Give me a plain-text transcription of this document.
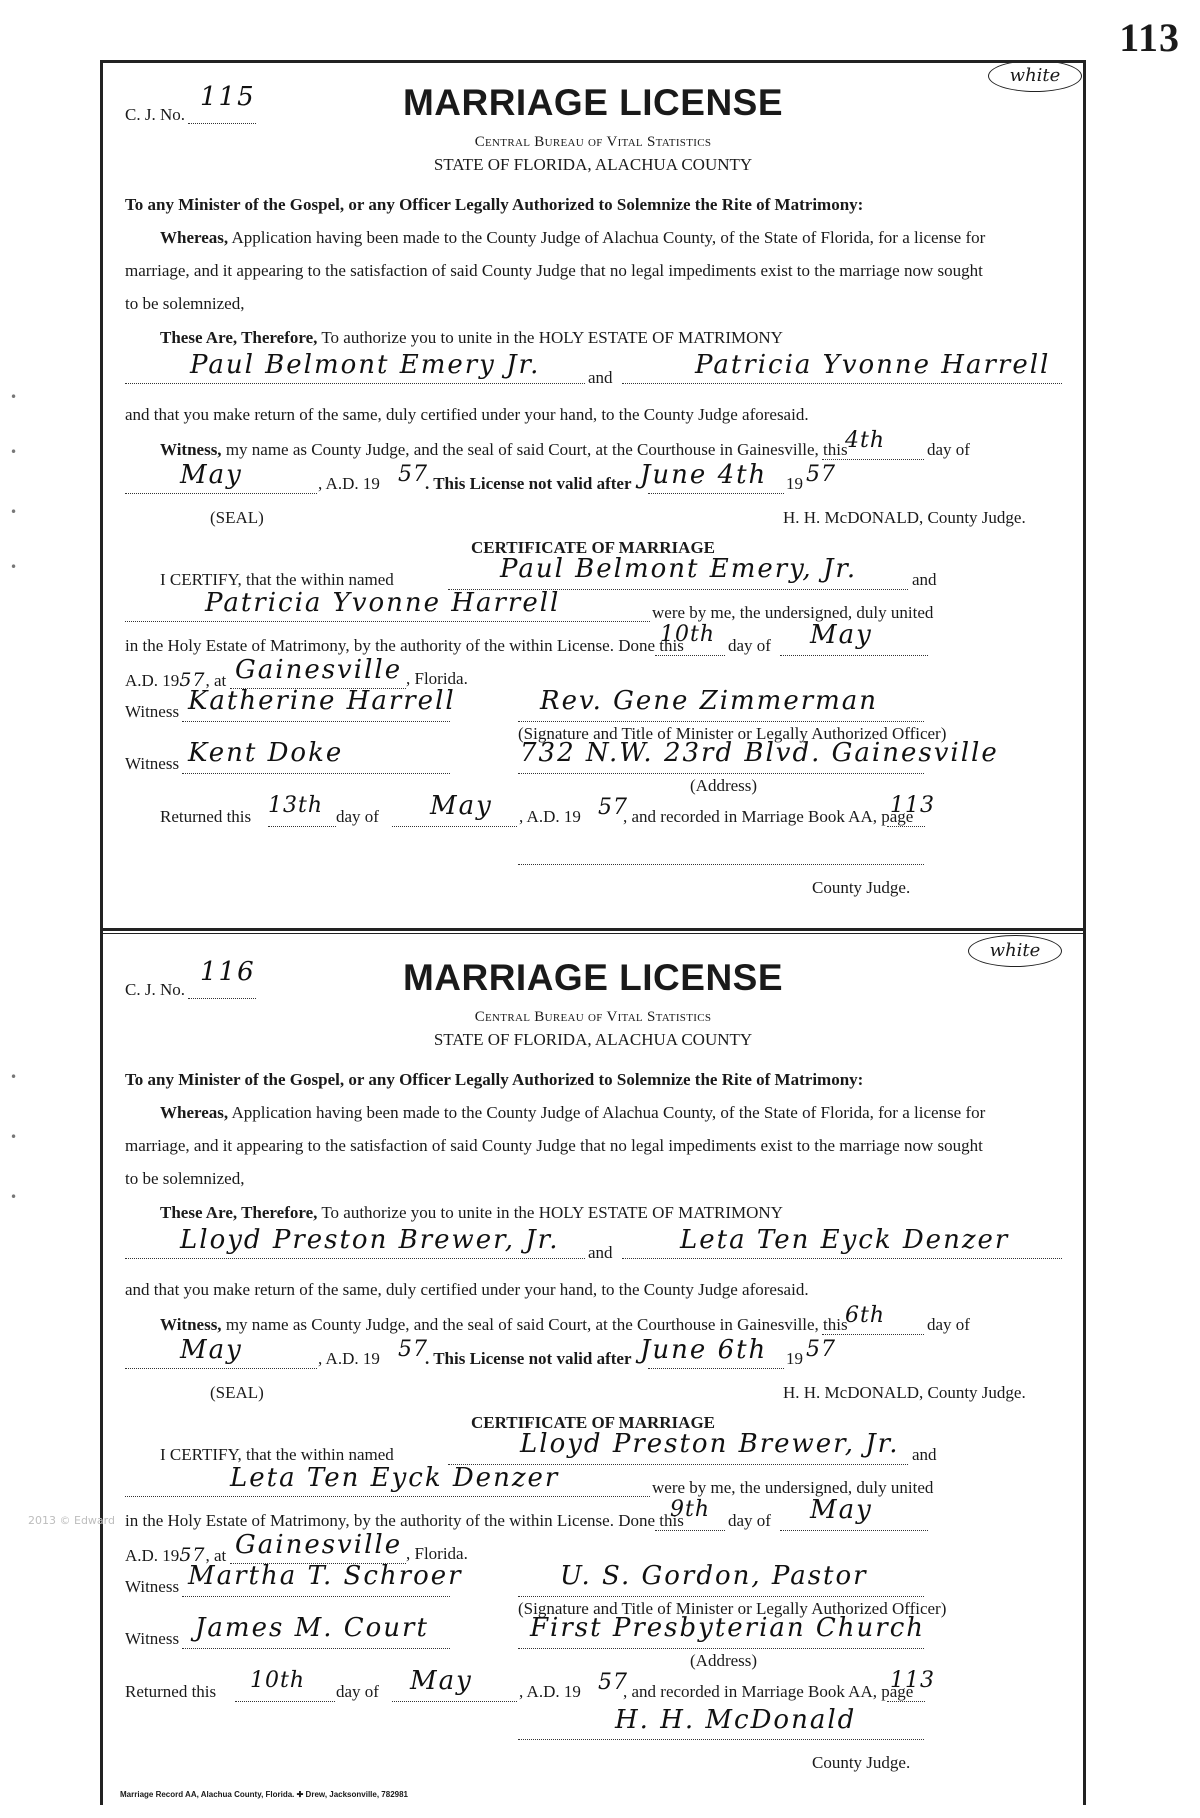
113
•
•
•
•
•
•
•
C. J. No.
115
white
MARRIAGE LICENSE
Central Bureau of Vital Statistics
STATE OF FLORIDA, ALACHUA COUNTY
To any Minister of the Gospel, or any Officer Legally Authorized to Solemnize the Rite of Matrimony:
Whereas, Application having been made to the County Judge of Alachua County, of the State of Florida, for a license for
marriage, and it appearing to the satisfaction of said County Judge that no legal impediments exist to the marriage now sought
to be solemnized,
These Are, Therefore, To authorize you to unite in the HOLY ESTATE OF MATRIMONY
Paul Belmont Emery Jr.	and	Patricia Yvonne Harrell
and that you make return of the same, duly certified under your hand, to the County Judge aforesaid.
Witness, my name as County Judge, and the seal of said Court, at the Courthouse in Gainesville, this
4th day of
May	, A.D. 19 57
. This License not valid after June 4th 19 57
(SEAL)	H. H. McDONALD, County Judge.
CERTIFICATE OF MARRIAGE
I CERTIFY, that the within named	Paul Belmont Emery, Jr.	and
Patricia Yvonne Harrell	were by me, the undersigned, duly united
in the Holy Estate of Matrimony, by the authority of the within License. Done this
10th day of May
A.D. 1957, at Gainesville , Florida.
Witness Katherine Harrell	Rev. Gene Zimmerman
(Signature and Title of Minister or Legally Authorized Officer)
Witness Kent Doke	732 N.W. 23rd Blvd. Gainesville
(Address)
Returned this 13th day of May , A.D. 19 57
, and recorded in Marriage Book AA, page
113
County Judge.
C. J. No.
116
white
MARRIAGE LICENSE
Central Bureau of Vital Statistics
STATE OF FLORIDA, ALACHUA COUNTY
To any Minister of the Gospel, or any Officer Legally Authorized to Solemnize the Rite of Matrimony:
Whereas, Application having been made to the County Judge of Alachua County, of the State of Florida, for a license for
marriage, and it appearing to the satisfaction of said County Judge that no legal impediments exist to the marriage now sought
to be solemnized,
These Are, Therefore, To authorize you to unite in the HOLY ESTATE OF MATRIMONY
Lloyd Preston Brewer, Jr. and	Leta Ten Eyck Denzer
and that you make return of the same, duly certified under your hand, to the County Judge aforesaid.
Witness, my name as County Judge, and the seal of said Court, at the Courthouse in Gainesville, this
6th day of
May	, A.D. 19 57
. This License not valid after June 6th 19 57
(SEAL)	H. H. McDONALD, County Judge.
CERTIFICATE OF MARRIAGE
I CERTIFY, that the within named	Lloyd Preston Brewer, Jr. and
Leta Ten Eyck Denzer	were by me, the undersigned, duly united
in the Holy Estate of Matrimony, by the authority of the within License. Done this
9th day of May
A.D. 1957, at Gainesville , Florida.
Witness Martha T. Schroer	U. S. Gordon, Pastor
(Signature and Title of Minister or Legally Authorized Officer)
Witness James M. Court	First Presbyterian Church
(Address)
Returned this 10th day of May	, A.D. 19 57
, and recorded in Marriage Book AA, page
113
H. H. McDonald
County Judge.
Marriage Record AA, Alachua County, Florida. ✚ Drew, Jacksonville, 782981
2013 © Edward
